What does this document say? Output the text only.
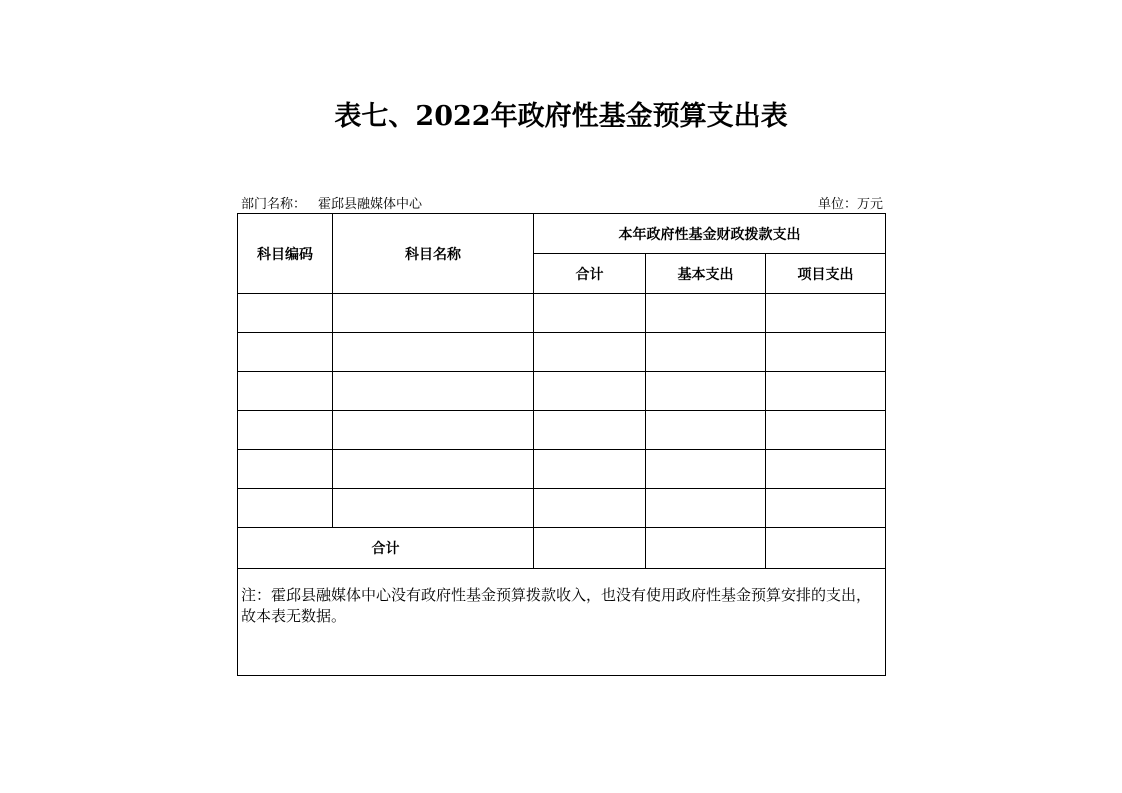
表七、2022年政府性基金预算支出表
部门名称： 霍邱县融媒体中心	单位：万元
科目编码	科目名称	本年政府性基金财政拨款支出		
		合计	基本支出	项目支出

合计				
注：霍邱县融媒体中心没有政府性基金预算拨款收入，也没有使用政府性基金预算安排的支出，故本表无数据。				
